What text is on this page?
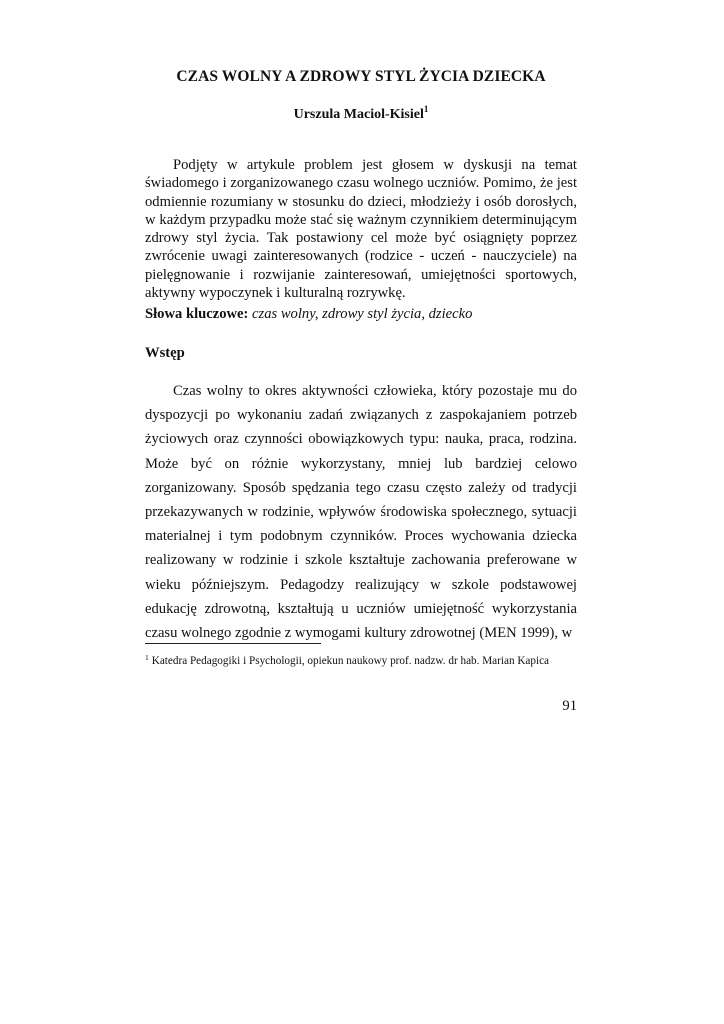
CZAS WOLNY A ZDROWY STYL ŻYCIA DZIECKA
Urszula Maciol-Kisiel$^1$

Podjęty w artykule problem jest głosem w dyskusji na temat świadomego i zorganizowanego czasu wolnego uczniów. Pomimo, że jest odmiennie rozumiany w stosunku do dzieci, młodzieży i osób dorosłych, w każdym przypadku może stać się ważnym czynnikiem determinującym zdrowy styl życia. Tak postawiony cel może być osiągnięty poprzez zwrócenie uwagi zainteresowanych (rodzice - uczeń - nauczyciele) na pielęgnowanie i rozwijanie zainteresowań, umiejętności sportowych, aktywny wypoczynek i kulturalną rozrywkę.

Słowa kluczowe: czas wolny, zdrowy styl życia, dziecko

Wstęp

Czas wolny to okres aktywności człowieka, który pozostaje mu do dyspozycji po wykonaniu zadań związanych z zaspokajaniem potrzeb życiowych oraz czynności obowiązkowych typu: nauka, praca, rodzina. Może być on różnie wykorzystany, mniej lub bardziej celowo zorganizowany. Sposób spędzania tego czasu często zależy od tradycji przekazywanych w rodzinie, wpływów środowiska społecznego, sytuacji materialnej i tym podobnym czynników. Proces wychowania dziecka realizowany w rodzinie i szkole kształtuje zachowania preferowane w wieku późniejszym. Pedagodzy realizujący w szkole podstawowej edukację zdrowotną, kształtują u uczniów umiejętność wykorzystania czasu wolnego zgodnie z wymogami kultury zdrowotnej (MEN 1999), w

$^1$ Katedra Pedagogiki i Psychologii, opiekun naukowy prof. nadzw. dr hab. Marian Kapica

91
